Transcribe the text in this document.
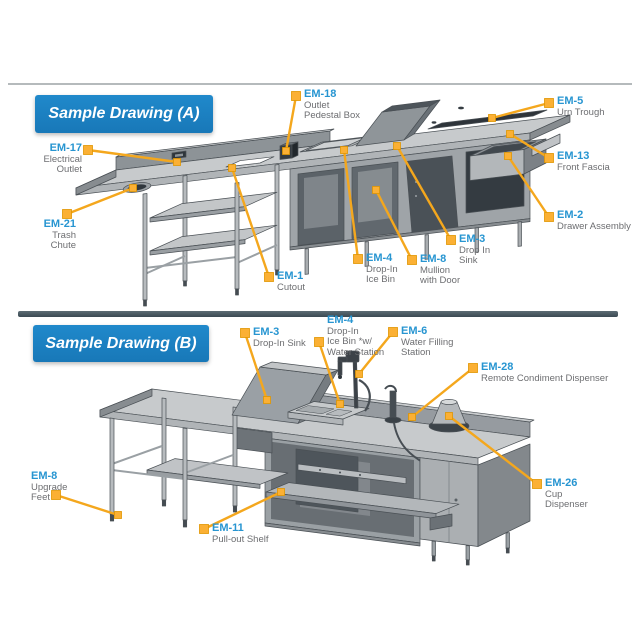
Sample Drawing (A)
Sample Drawing (B)
EM-18
Outlet
Pedestal Box
EM-5
Urn Trough
EM-13
Front Fascia
EM-2
Drawer Assembly
EM-17
Electrical
Outlet
EM-21
Trash
Chute
EM-1
Cutout
EM-4
Drop-In
Ice Bin
EM-8
Mullion
with Door
EM-3
Drop In
Sink
EM-3
Drop-In Sink
EM-4
Drop-In
Ice Bin *w/
Water Station
EM-6
Water Filling
Station
EM-28
Remote Condiment Dispenser
EM-26
Cup
Dispenser
EM-8
Upgrade
Feet
EM-11
Pull-out Shelf
